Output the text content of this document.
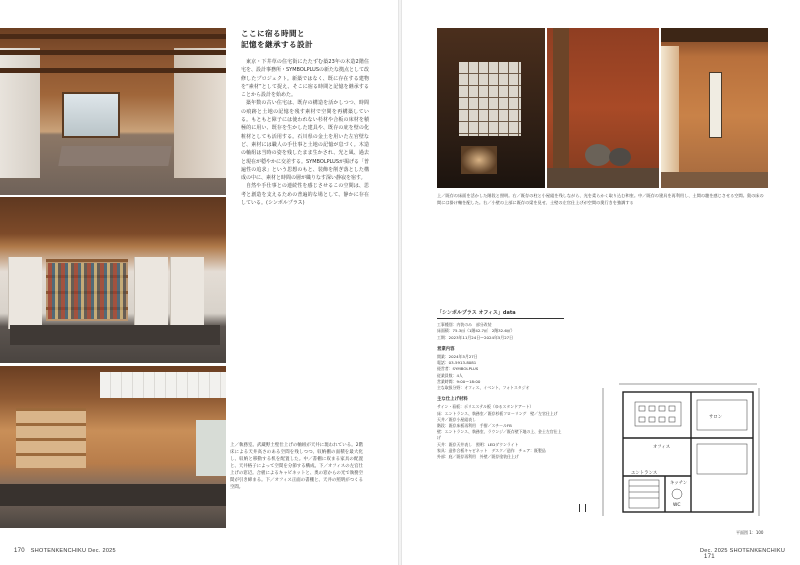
ここに宿る時間と
記憶を継承する設計

東京・下井草の住宅街にたたずむ築23年の木造2階住宅を、設計事務所・SYMBOLPLUSの新たな拠点として改修したプロジェクト。新築ではなく、既に存在する建物を“素材”として捉え、そこに宿る時間と記憶を継承することから設計を始めた。

築年数の古い住宅は、既存の構造を活かしつつ、時間の痕跡と土地の記憶を残す素材で空間を再構築している。もともと障子には使われない杉材や合板の床材を積極的に用い、既存を生かした建具や、既存の庇を壁の化粧材としても活用する。石川県の金土を用いた左官壁など、素材には職人の手仕事と土地の記憶が息づく。木造の軸組は当時の姿を残したまま生かされ、光と風、過去と現在が穏やかに交差する。SYMBOLPLUSが掲げる「普遍性の追求」という思想のもと、装飾を削ぎ落とした構成の中に、素材と時間の層が織りなす深い静寂を宿す。

自然や手仕事との連続性を感じさせるこの空間は、思考と創造を支えるための普遍的な場として、静かに存在している。(シンボルプラス)

上／執務室。武蔵野土壁仕上げの軸組が天井に現われている。2階床による天井高さのある空間を残しつつ、収納棚の面積を最大化し、収納と移動する机を配置した。中／書棚に収まる家具の配置と、天井格子によって空間を分節する構成。下／オフィスの左官仕上げの窓辺。合板によるキャビネットと、奥の窓からの光で執務空間が引き締まる。下／オフィス正面の書棚と、天井の照明がつくる空間。
170 SHOTENKENCHIKU Dec. 2025
上／既存の床面を活かした階段と照明。右／既存の柱と小屋組を残しながら、光を柔らかく取り込む和室。中／既存の建具を再利用し、土間の趣を感じさせる空間。奥の床の間には掛け軸を配した。右／小壁の上部に既存の梁を見せ、土壁の左官仕上げが空間の奥行きを強調する
「シンボルプラス オフィス」data
工事種別：内装のみ　部分改装
床面積：75.3㎡（1階42.7㎡　2階32.6㎡）
工期：2023年11月24日〜2024年5月27日
営業内容
開業：2024年5月27日
電話：03-5913-8081
経営者：SYMBOLPLUS
従業員数：4人
営業時間：9:00〜18:00
主な取扱分野：オフィス、イベント、フォトスタジオ
主な仕上げ材料
サイン・看板：ポリエステル板（ゆるスタンドアート）
床：エントランス、執務室／既存杉板フローリング　壁／左官仕上げ　天井／既存小屋組表し
階段：既存床板再利用　手摺／スチールFB
壁：エントランス、執務室、ラウンジ／既存壁下地の上、金土左官仕上げ
天井：既存天井表し　照明：LEDダウンライト
家具：造作合板キャビネット　デスク／造作　チェア：既製品
外部：庇／既存再利用　外壁／既存塗装仕上げ
オフィス
サロン
エントランス
キッチン
WC
平面図 1：100
Dec. 2025 SHOTENKENCHIKU 171
